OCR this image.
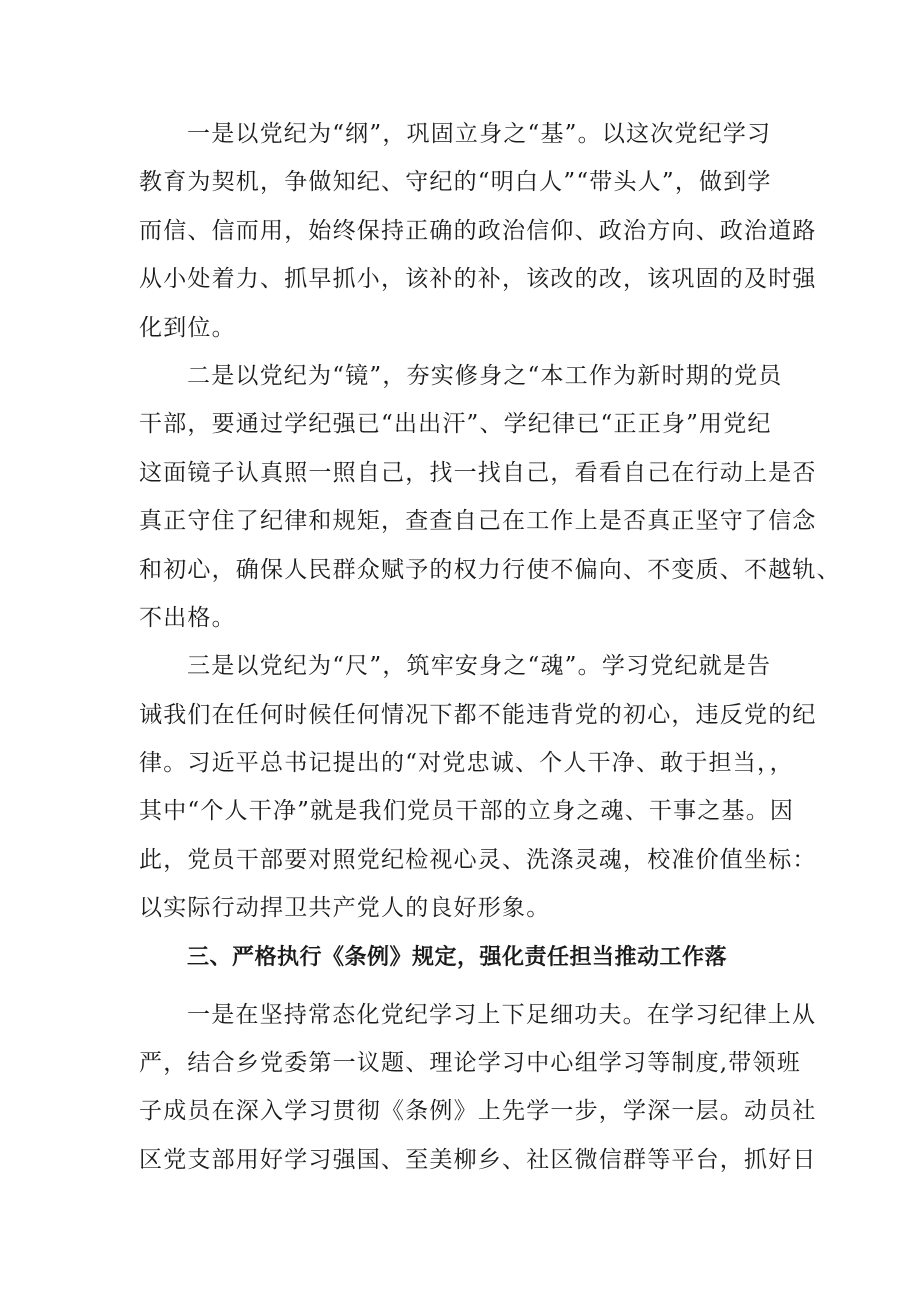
一是以党纪为“纲”，巩固立身之“基”。以这次党纪学习
教育为契机，争做知纪、守纪的“明白人”“带头人”，做到学
而信、信而用，始终保持正确的政治信仰、政治方向、政治道路
从小处着力、抓早抓小，该补的补，该改的改，该巩固的及时强
化到位。
二是以党纪为“镜”，夯实修身之“本工作为新时期的党员
干部，要通过学纪强已“出出汗”、学纪律已“正正身”用党纪
这面镜子认真照一照自己，找一找自己，看看自己在行动上是否
真正守住了纪律和规矩，查查自己在工作上是否真正坚守了信念
和初心，确保人民群众赋予的权力行使不偏向、不变质、不越轨、
不出格。
三是以党纪为“尺”，筑牢安身之“魂”。学习党纪就是告
诫我们在任何时候任何情况下都不能违背党的初心，违反党的纪
律。习近平总书记提出的“对党忠诚、个人干净、敢于担当，，
其中“个人干净”就是我们党员干部的立身之魂、干事之基。因
此，党员干部要对照党纪检视心灵、洗涤灵魂，校准价值坐标：
以实际行动捍卫共产党人的良好形象。
三、严格执行《条例》规定，强化责任担当推动工作落
一是在坚持常态化党纪学习上下足细功夫。在学习纪律上从
严，结合乡党委第一议题、理论学习中心组学习等制度,带领班
子成员在深入学习贯彻《条例》上先学一步，学深一层。动员社
区党支部用好学习强国、至美柳乡、社区微信群等平台，抓好日
